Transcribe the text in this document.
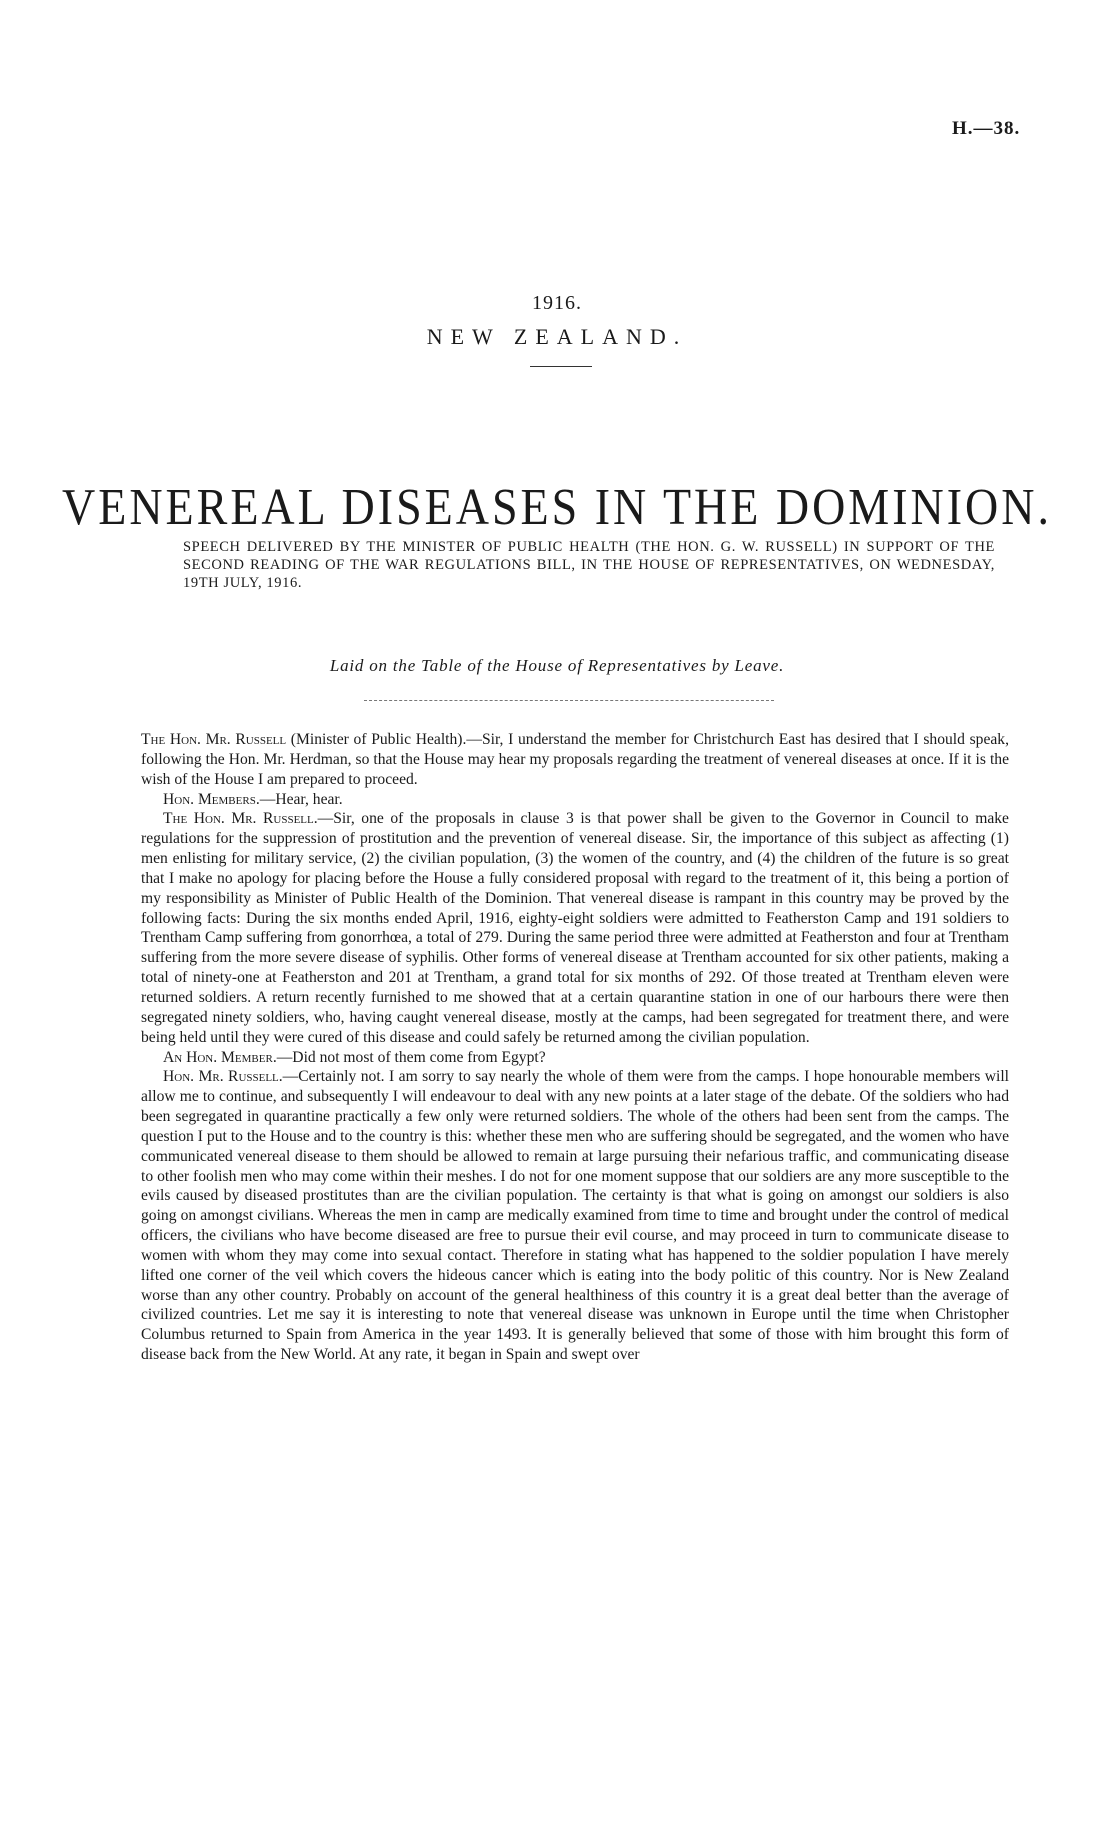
H.—38.
1916.
NEW ZEALAND.
VENEREAL DISEASES IN THE DOMINION.
SPEECH DELIVERED BY THE MINISTER OF PUBLIC HEALTH (THE HON. G. W. RUSSELL) IN SUPPORT OF THE SECOND READING OF THE WAR REGULATIONS BILL, IN THE HOUSE OF REPRESENTATIVES, ON WEDNESDAY, 19TH JULY, 1916.
Laid on the Table of the House of Representatives by Leave.

The Hon. Mr. Russell (Minister of Public Health).—Sir, I understand the member for Christchurch East has desired that I should speak, following the Hon. Mr. Herdman, so that the House may hear my proposals regarding the treatment of venereal diseases at once. If it is the wish of the House I am prepared to proceed.

Hon. Members.—Hear, hear.

The Hon. Mr. Russell.—Sir, one of the proposals in clause 3 is that power shall be given to the Governor in Council to make regulations for the suppression of prostitution and the prevention of venereal disease. Sir, the importance of this subject as affecting (1) men enlisting for military service, (2) the civilian population, (3) the women of the country, and (4) the children of the future is so great that I make no apology for placing before the House a fully considered proposal with regard to the treatment of it, this being a portion of my responsibility as Minister of Public Health of the Dominion. That venereal disease is rampant in this country may be proved by the following facts: During the six months ended April, 1916, eighty-eight soldiers were admitted to Featherston Camp and 191 soldiers to Trentham Camp suffering from gonorrhœa, a total of 279. During the same period three were admitted at Featherston and four at Trentham suffering from the more severe disease of syphilis. Other forms of venereal disease at Trentham accounted for six other patients, making a total of ninety-one at Featherston and 201 at Trentham, a grand total for six months of 292. Of those treated at Trentham eleven were returned soldiers. A return recently furnished to me showed that at a certain quarantine station in one of our harbours there were then segregated ninety soldiers, who, having caught venereal disease, mostly at the camps, had been segregated for treatment there, and were being held until they were cured of this disease and could safely be returned among the civilian population.

An Hon. Member.—Did not most of them come from Egypt?

Hon. Mr. Russell.—Certainly not. I am sorry to say nearly the whole of them were from the camps. I hope honourable members will allow me to continue, and subsequently I will endeavour to deal with any new points at a later stage of the debate. Of the soldiers who had been segregated in quarantine practically a few only were returned soldiers. The whole of the others had been sent from the camps. The question I put to the House and to the country is this: whether these men who are suffering should be segregated, and the women who have communicated venereal disease to them should be allowed to remain at large pursuing their nefarious traffic, and communicating disease to other foolish men who may come within their meshes. I do not for one moment suppose that our soldiers are any more susceptible to the evils caused by diseased prostitutes than are the civilian population. The certainty is that what is going on amongst our soldiers is also going on amongst civilians. Whereas the men in camp are medically examined from time to time and brought under the control of medical officers, the civilians who have become diseased are free to pursue their evil course, and may proceed in turn to communicate disease to women with whom they may come into sexual contact. Therefore in stating what has happened to the soldier population I have merely lifted one corner of the veil which covers the hideous cancer which is eating into the body politic of this country. Nor is New Zealand worse than any other country. Probably on account of the general healthiness of this country it is a great deal better than the average of civilized countries. Let me say it is interesting to note that venereal disease was unknown in Europe until the time when Christopher Columbus returned to Spain from America in the year 1493. It is generally believed that some of those with him brought this form of disease back from the New World. At any rate, it began in Spain and swept over
